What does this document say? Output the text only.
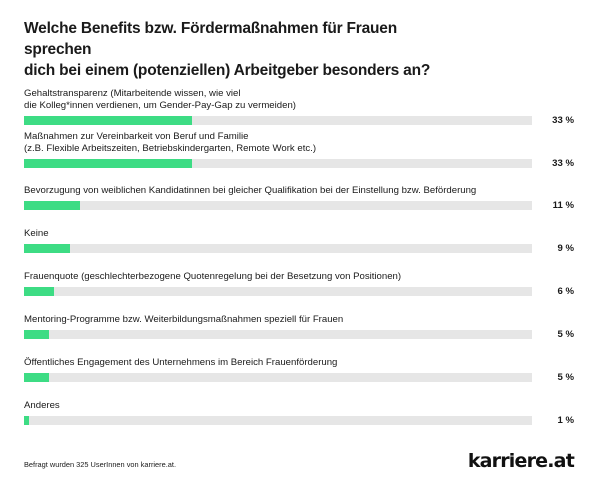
Welche Benefits bzw. Fördermaßnahmen für Frauen sprechen
dich bei einem (potenziellen) Arbeitgeber besonders an?
Gehaltstransparenz (Mitarbeitende wissen, wie viel
die Kolleg*innen verdienen, um Gender-Pay-Gap zu vermeiden)
33 %
Maßnahmen zur Vereinbarkeit von Beruf und Familie
(z.B. Flexible Arbeitszeiten, Betriebskindergarten, Remote Work etc.)
33 %
Bevorzugung von weiblichen Kandidatinnen bei gleicher Qualifikation bei der Einstellung bzw. Beförderung
11 %
Keine
9 %
Frauenquote (geschlechterbezogene Quotenregelung bei der Besetzung von Positionen)
6 %
Mentoring-Programme bzw. Weiterbildungsmaßnahmen speziell für Frauen
5 %
Öffentliches Engagement des Unternehmens im Bereich Frauenförderung
5 %
Anderes
1 %
Befragt wurden 325 UserInnen von karriere.at.	karriere.at
